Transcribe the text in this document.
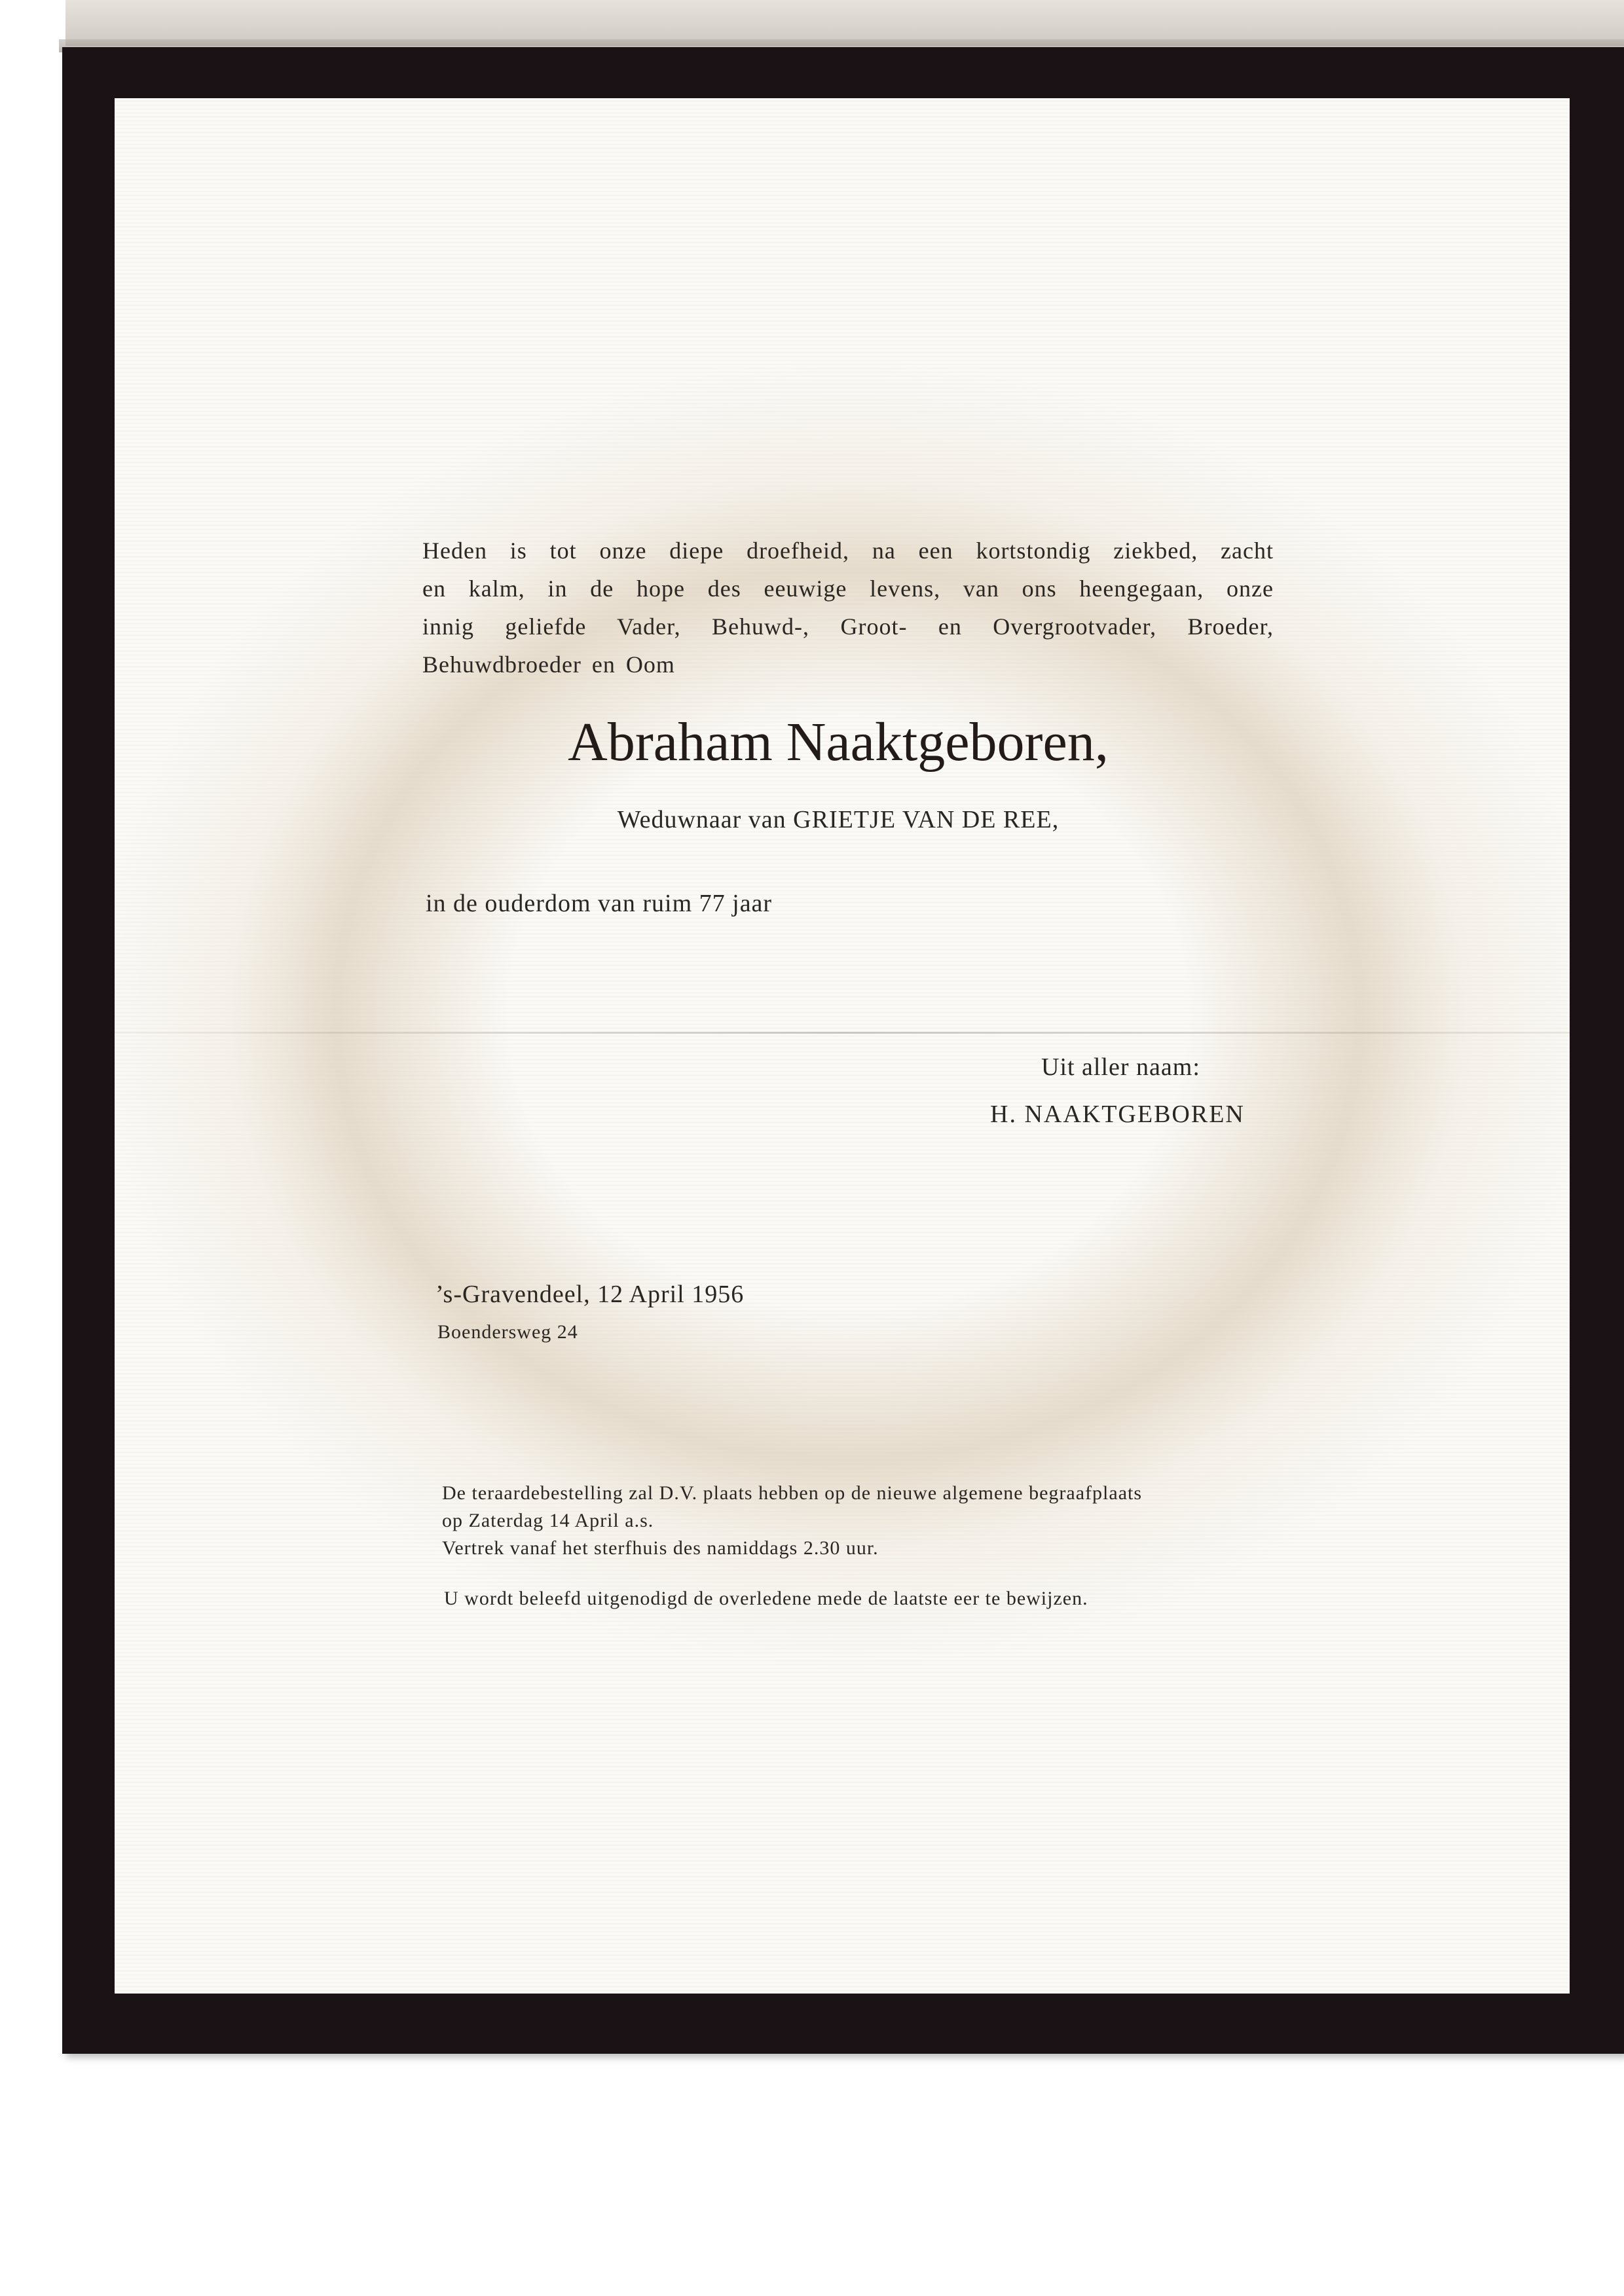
Heden is tot onze diepe droefheid, na een kortstondig ziekbed, zacht
en kalm, in de hope des eeuwige levens, van ons heengegaan, onze
innig geliefde Vader, Behuwd-, Groot- en Overgrootvader, Broeder,
Behuwdbroeder en Oom
Abraham Naaktgeboren,
Weduwnaar van GRIETJE VAN DE REE,
in de ouderdom van ruim 77 jaar
Uit aller naam:
H. NAAKTGEBOREN
’s-Gravendeel, 12 April 1956
Boendersweg 24
De teraardebestelling zal D.V. plaats hebben op de nieuwe algemene begraafplaats
op Zaterdag 14 April a.s.
Vertrek vanaf het sterfhuis des namiddags 2.30 uur.
U wordt beleefd uitgenodigd de overledene mede de laatste eer te bewijzen.
